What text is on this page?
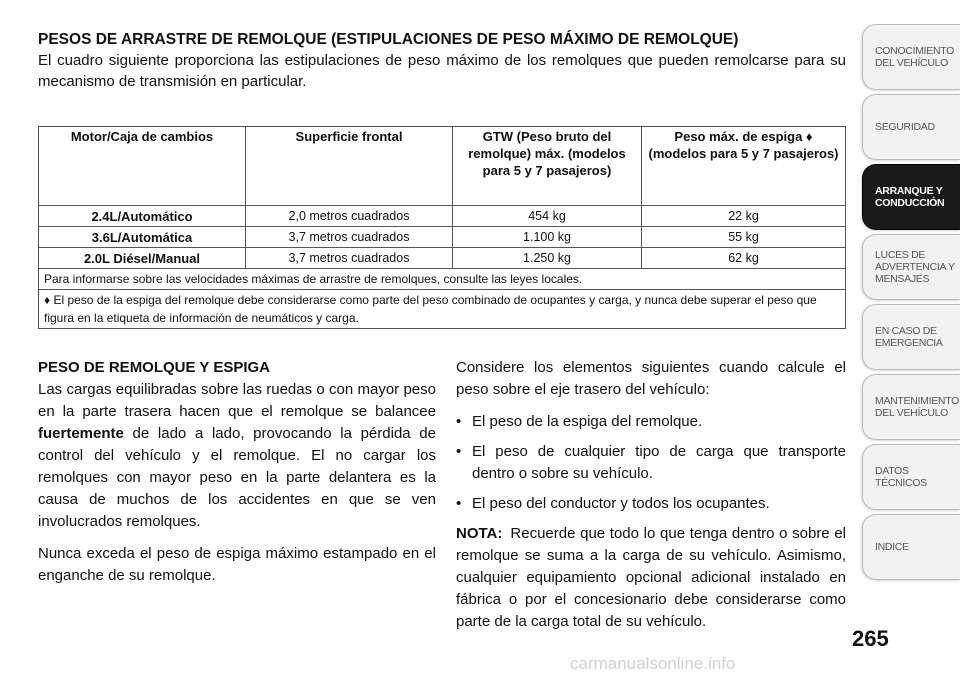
PESOS DE ARRASTRE DE REMOLQUE (ESTIPULACIONES DE PESO MÁXIMO DE REMOLQUE)

El cuadro siguiente proporciona las estipulaciones de peso máximo de los remolques que pueden remolcarse para su mecanismo de transmisión en particular.

Motor/Caja de cambios	Superficie frontal	GTW (Peso bruto del remolque) máx. (modelos para 5 y 7 pasajeros)	Peso máx. de espiga ♦ (modelos para 5 y 7 pasajeros)
2.4L/Automático	2,0 metros cuadrados	454 kg	22 kg
3.6L/Automática	3,7 metros cuadrados	1.100 kg	55 kg
2.0L Diésel/Manual	3,7 metros cuadrados	1.250 kg	62 kg
Para informarse sobre las velocidades máximas de arrastre de remolques, consulte las leyes locales.			
♦ El peso de la espiga del remolque debe considerarse como parte del peso combinado de ocupantes y carga, y nunca debe superar el peso que figura en la etiqueta de información de neumáticos y carga.			
PESO DE REMOLQUE Y ESPIGA

Las cargas equilibradas sobre las ruedas o con mayor peso en la parte trasera hacen que el remolque se balancee fuertemente de lado a lado, provocando la pérdida de control del vehículo y el remolque. El no cargar los remolques con mayor peso en la parte delantera es la causa de muchos de los accidentes en que se ven involucrados remolques.

Nunca exceda el peso de espiga máximo estampado en el enganche de su remolque.

Considere los elementos siguientes cuando calcule el peso sobre el eje trasero del vehículo:

• El peso de la espiga del remolque.
• El peso de cualquier tipo de carga que transporte dentro o sobre su vehículo.
• El peso del conductor y todos los ocupantes.

NOTA: Recuerde que todo lo que tenga dentro o sobre el remolque se suma a la carga de su vehículo. Asimismo, cualquier equipamiento opcional adicional instalado en fábrica o por el concesionario debe considerarse como parte de la carga total de su vehículo.

CONOCIMIENTO
DEL VEHÍCULO
SEGURIDAD
ARRANQUE Y
CONDUCCIÓN
LUCES DE
ADVERTENCIA Y
MENSAJES
EN CASO DE
EMERGENCIA
MANTENIMIENTO
DEL VEHÍCULO
DATOS
TÉCNICOS
INDICE
265
carmanualsonline.info
